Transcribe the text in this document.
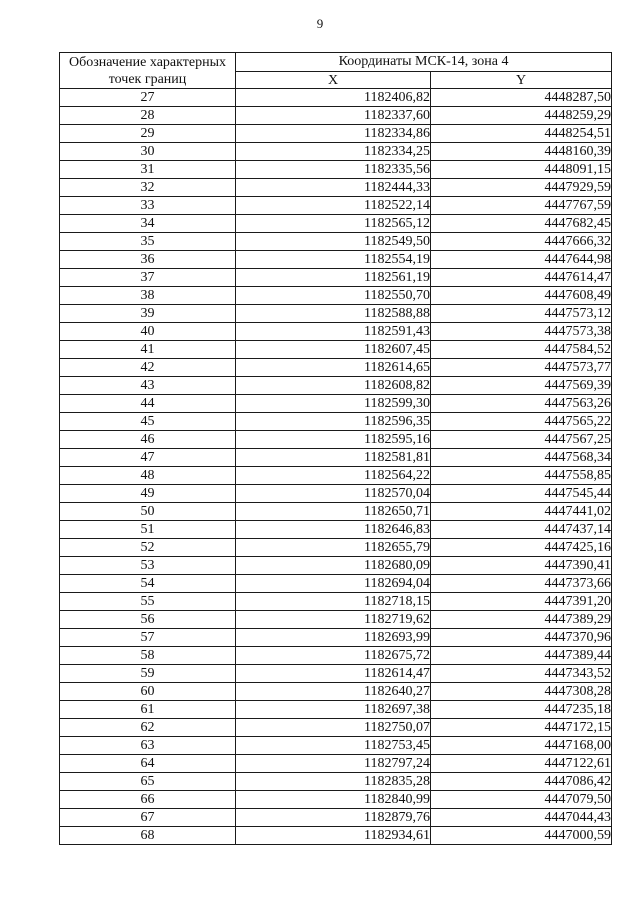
9
Обозначение характерных точек границ	Координаты МСК-14, зона 4	
	X	Y
27	1182406,82	4448287,50
28	1182337,60	4448259,29
29	1182334,86	4448254,51
30	1182334,25	4448160,39
31	1182335,56	4448091,15
32	1182444,33	4447929,59
33	1182522,14	4447767,59
34	1182565,12	4447682,45
35	1182549,50	4447666,32
36	1182554,19	4447644,98
37	1182561,19	4447614,47
38	1182550,70	4447608,49
39	1182588,88	4447573,12
40	1182591,43	4447573,38
41	1182607,45	4447584,52
42	1182614,65	4447573,77
43	1182608,82	4447569,39
44	1182599,30	4447563,26
45	1182596,35	4447565,22
46	1182595,16	4447567,25
47	1182581,81	4447568,34
48	1182564,22	4447558,85
49	1182570,04	4447545,44
50	1182650,71	4447441,02
51	1182646,83	4447437,14
52	1182655,79	4447425,16
53	1182680,09	4447390,41
54	1182694,04	4447373,66
55	1182718,15	4447391,20
56	1182719,62	4447389,29
57	1182693,99	4447370,96
58	1182675,72	4447389,44
59	1182614,47	4447343,52
60	1182640,27	4447308,28
61	1182697,38	4447235,18
62	1182750,07	4447172,15
63	1182753,45	4447168,00
64	1182797,24	4447122,61
65	1182835,28	4447086,42
66	1182840,99	4447079,50
67	1182879,76	4447044,43
68	1182934,61	4447000,59
